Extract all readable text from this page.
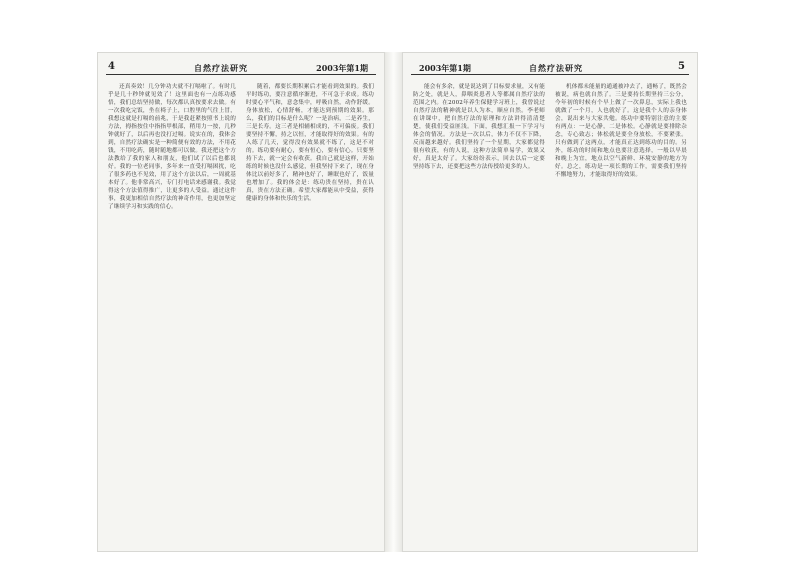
4	自然疗法研究	2003年第1期

还真奏效！几分钟功夫就不打嗝啦了。有时几乎是几十秒钟就见效了！这里面也有一点练功感悟，我们总结坚持做，每次都认真按要求去做。有一次我吃完饭，坐在椅子上，口腔里的气往上冒，我想这就是打嗝的前兆，于是我赶紧按照书上说的方法，拇指按住中指指甲根部，稍用力一按，几秒钟就好了，以后再也没打过嗝。说实在的，我体会到，自然疗法确实是一种简便有效的方法，不用花钱，不用吃药，随时随地都可以做。我还把这个方法教给了我的家人和朋友，他们试了以后也都说好。我的一位老同事，多年来一直受打嗝困扰，吃了很多药也不见效，用了这个方法以后，一周就基本好了。他非常高兴，专门打电话来感谢我。我觉得这个方法值得推广，让更多的人受益。通过这件事，我更加相信自然疗法的神奇作用，也更加坚定了继续学习和实践的信心。

随着，都要长期积累后才能看到效果的。我们平时练功，要注意循序渐进，不可急于求成。练功时要心平气和，意念集中，呼吸自然，动作舒缓。身体放松，心情舒畅，才能达到预期的效果。那么，我们的目标是什么呢？一是治病，二是养生，三是长寿。这三者是相辅相成的，不可偏废。我们要坚持不懈，持之以恒，才能取得好的效果。有的人练了几天，觉得没有效果就不练了，这是不对的。练功要有耐心，要有恒心，要有信心。只要坚持下去，就一定会有收获。我自己就是这样，开始练的时候也没什么感觉，但我坚持下来了，现在身体比以前好多了，精神也好了，睡眠也好了，饭量也增加了。我的体会是：练功贵在坚持，贵在认真，贵在方法正确。希望大家都能从中受益，获得健康的身体和快乐的生活。

2003年第1期	自然疗法研究	5

能会有多余，就是说达到了目标要求量，又有能防之处，就是人，鼻咽炎患者人等都属自然疗法的范围之内。在2002年养生保健学习班上，我曾说过自然疗法的精神就是以人为本，顺应自然。李老师在讲课中，把自然疗法的原理和方法讲得清清楚楚，使我们受益匪浅。下面，我想汇报一下学习与体会的情况。方法是一次以后，体力不仅不下降，反而越来越好。我们坚持了一个星期，大家都觉得很有收获，有的人说，这种方法简单易学，效果又好，真是太好了。大家纷纷表示，回去以后一定要坚持练下去，还要把这些方法传授给更多的人。

机体都未能量的通通被冲去了，通畅了，既然会被说，病也就自然了。三是要持长期坚持三公分，今年初的时候有个早上做了一次鼻息，实际上我也就做了一个月，人也就好了。这是我个人的亲身体会，说出来与大家共勉。练功中要特别注意的主要有两点：一是心静，二是体松。心静就是要排除杂念，专心致志；体松就是要全身放松，不要紧张。只有做到了这两点，才能真正达到练功的目的。另外，练功的时间和地点也要注意选择，一般以早晨和晚上为宜，地点以空气新鲜、环境安静的地方为好。总之，练功是一项长期的工作，需要我们坚持不懈地努力，才能取得好的效果。
